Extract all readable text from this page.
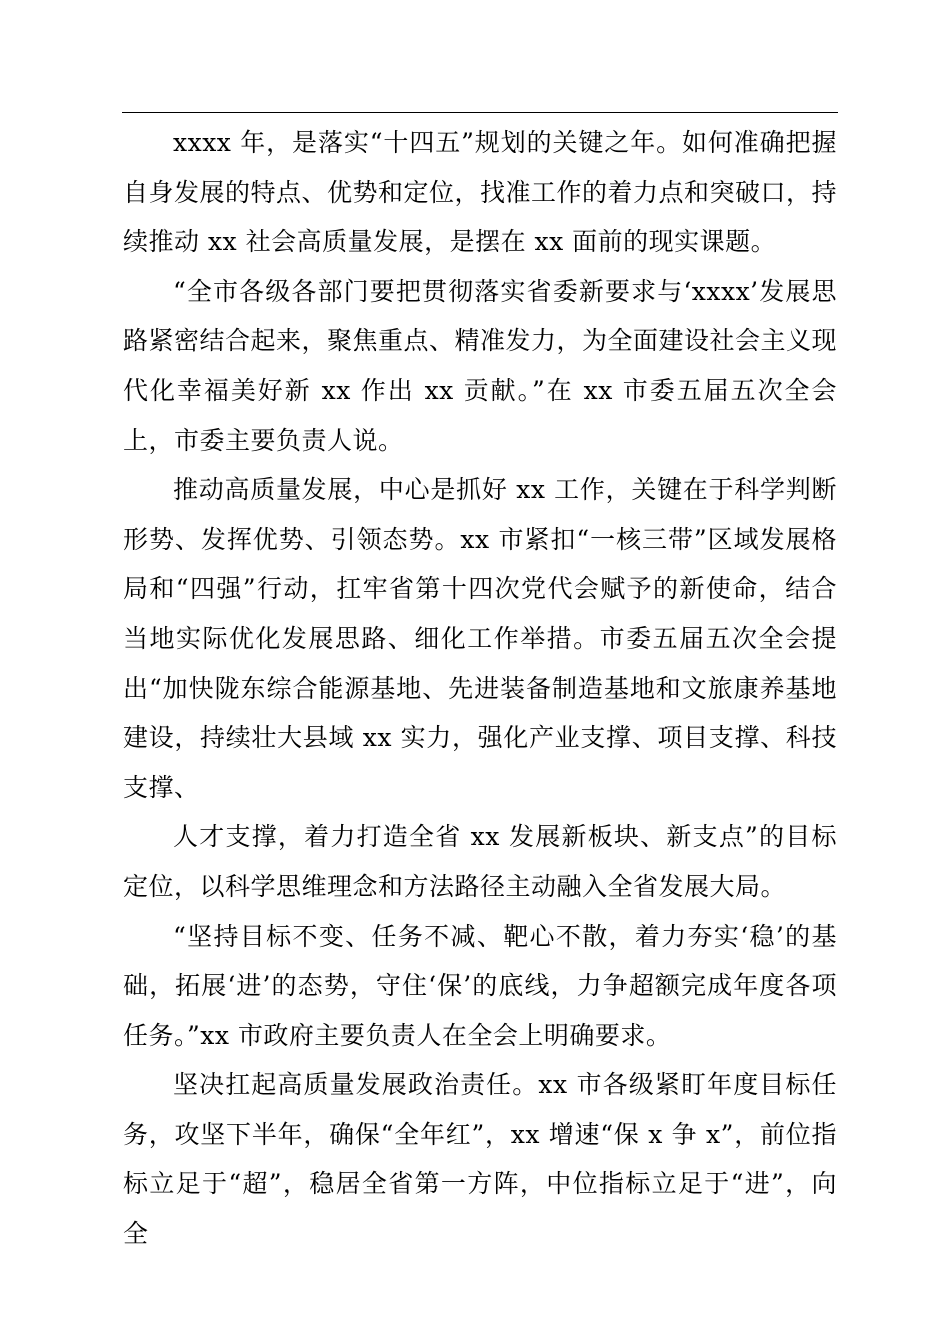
xxxx 年，是落实“十四五”规划的关键之年。如何准确把握自身发展的特点、优势和定位，找准工作的着力点和突破口，持续推动 xx 社会高质量发展，是摆在 xx 面前的现实课题。

“全市各级各部门要把贯彻落实省委新要求与‘xxxx’发展思路紧密结合起来，聚焦重点、精准发力，为全面建设社会主义现代化幸福美好新 xx 作出 xx 贡献。”在 xx 市委五届五次全会上，市委主要负责人说。

推动高质量发展，中心是抓好 xx 工作，关键在于科学判断形势、发挥优势、引领态势。xx 市紧扣“一核三带”区域发展格局和“四强”行动，扛牢省第十四次党代会赋予的新使命，结合当地实际优化发展思路、细化工作举措。市委五届五次全会提出“加快陇东综合能源基地、先进装备制造基地和文旅康养基地建设，持续壮大县域 xx 实力，强化产业支撑、项目支撑、科技支撑、

人才支撑，着力打造全省 xx 发展新板块、新支点”的目标定位，以科学思维理念和方法路径主动融入全省发展大局。

“坚持目标不变、任务不减、靶心不散，着力夯实‘稳’的基础，拓展‘进’的态势，守住‘保’的底线，力争超额完成年度各项任务。”xx 市政府主要负责人在全会上明确要求。

坚决扛起高质量发展政治责任。xx 市各级紧盯年度目标任务，攻坚下半年，确保“全年红”，xx 增速“保 x 争 x”，前位指标立足于“超”，稳居全省第一方阵，中位指标立足于“进”，向全
